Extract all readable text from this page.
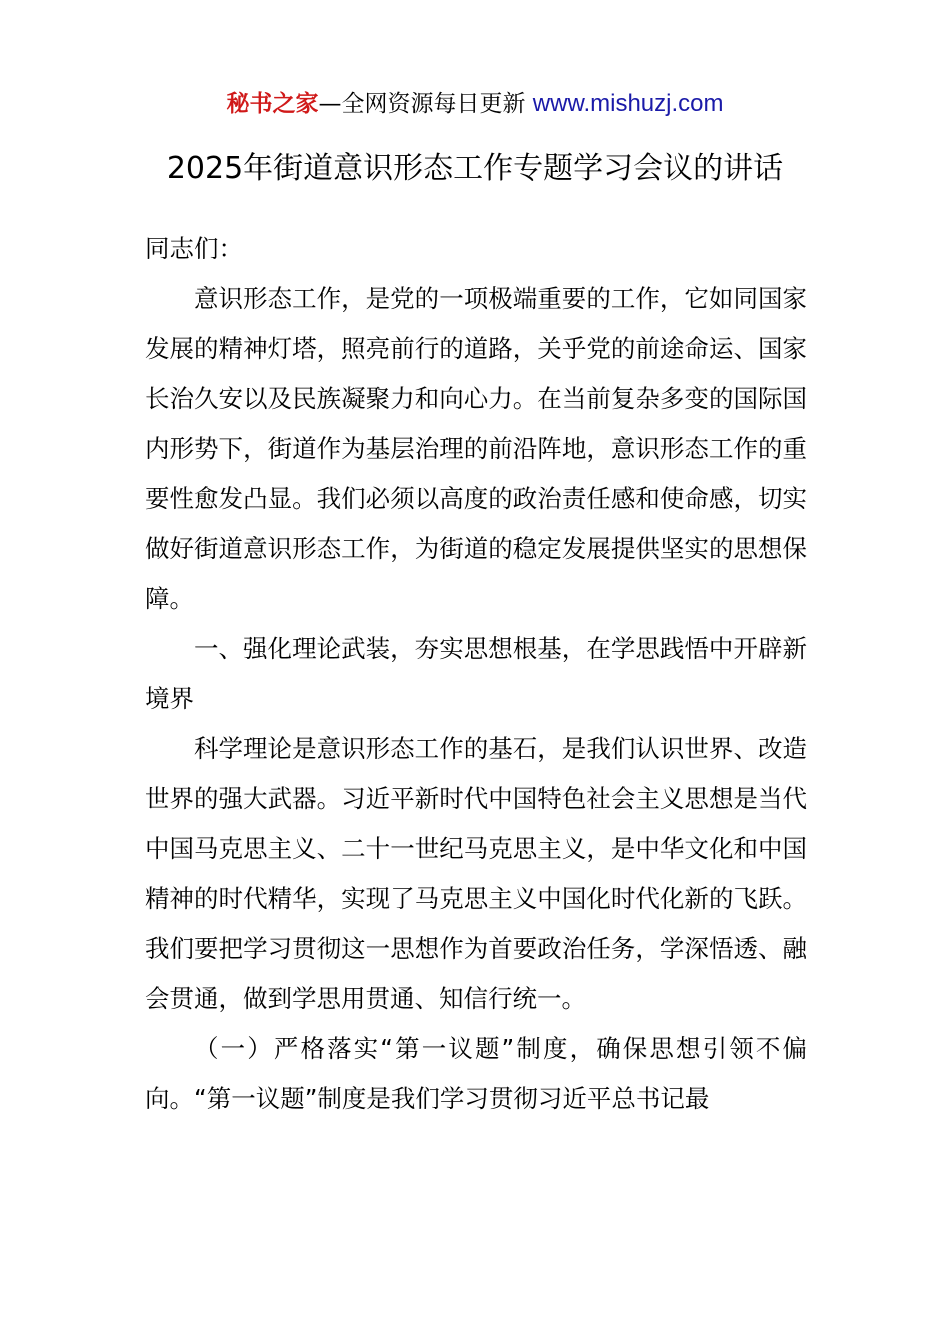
秘书之家—全网资源每日更新 www.mishuzj.com
2025年街道意识形态工作专题学习会议的讲话

同志们：

意识形态工作，是党的一项极端重要的工作，它如同国家发展的精神灯塔，照亮前行的道路，关乎党的前途命运、国家长治久安以及民族凝聚力和向心力。在当前复杂多变的国际国内形势下，街道作为基层治理的前沿阵地，意识形态工作的重要性愈发凸显。我们必须以高度的政治责任感和使命感，切实做好街道意识形态工作，为街道的稳定发展提供坚实的思想保障。

一、强化理论武装，夯实思想根基，在学思践悟中开辟新境界

科学理论是意识形态工作的基石，是我们认识世界、改造世界的强大武器。习近平新时代中国特色社会主义思想是当代中国马克思主义、二十一世纪马克思主义，是中华文化和中国精神的时代精华，实现了马克思主义中国化时代化新的飞跃。我们要把学习贯彻这一思想作为首要政治任务，学深悟透、融会贯通，做到学思用贯通、知信行统一。

（一）严格落实“第一议题”制度，确保思想引领不偏向。“第一议题”制度是我们学习贯彻习近平总书记最
